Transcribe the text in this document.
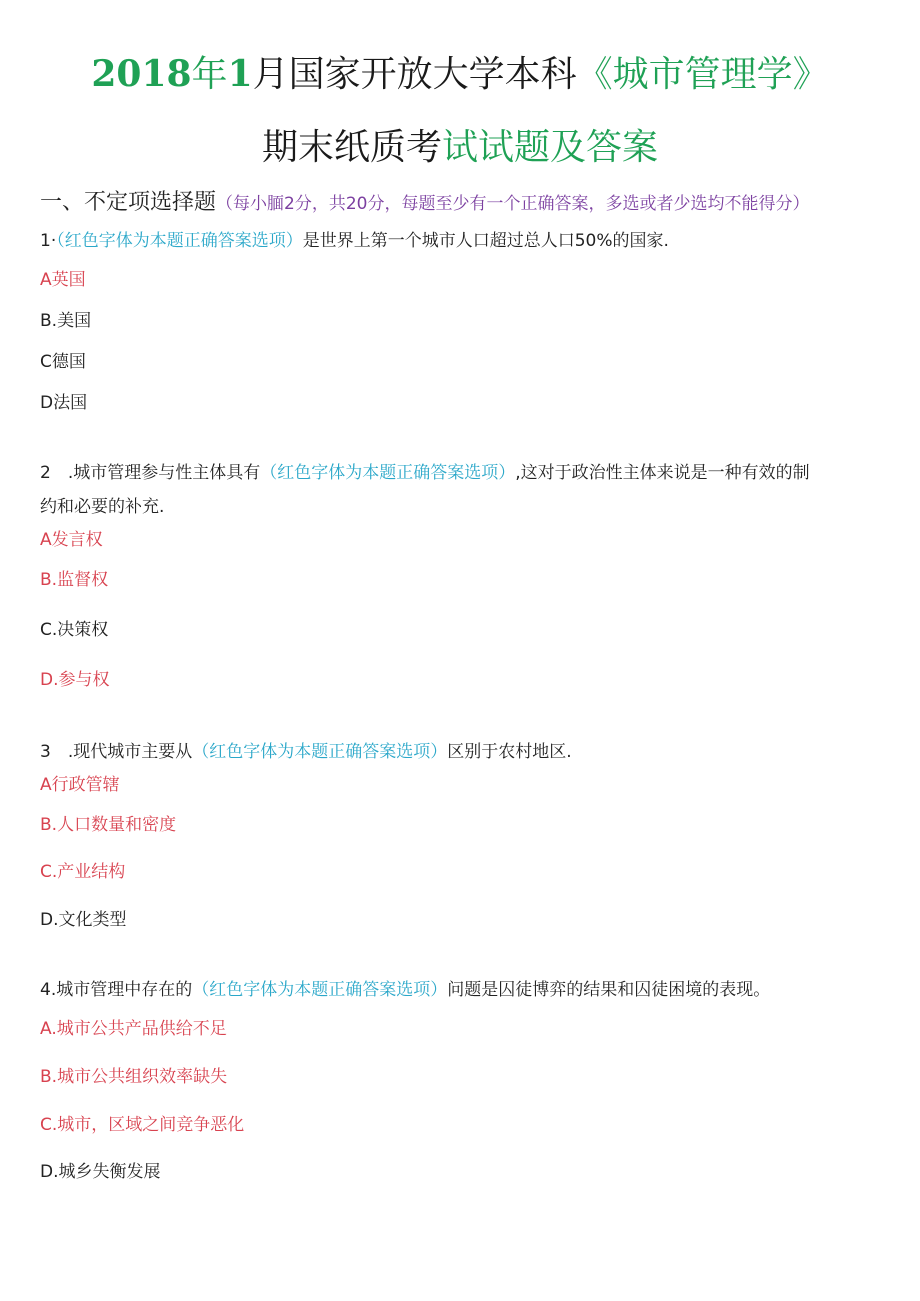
2018年1月国家开放大学本科《城市管理学》
期末纸质考试试题及答案
一、不定项选择题（每小腼2分，共20分，每题至少有一个正确答案，多选或者少选均不能得分）
1·（红色字体为本题正确答案选项）是世界上第一个城市人口超过总人口50%的国家.
A英国
B.美国
C德国
D法国
2　.城市管理参与性主体具有（红色字体为本题正确答案选项）,这对于政治性主体来说是一种有效的制
约和必要的补充.
A发言权
B.监督权
C.决策权
D.参与权
3　.现代城市主要从（红色字体为本题正确答案选项）区别于农村地区.
A行政管辖
B.人口数量和密度
C.产业结构
D.文化类型
4.城市管理中存在的（红色字体为本题正确答案选项）问题是囚徒博弈的结果和囚徒困境的表现。
A.城市公共产品供给不足
B.城市公共组织效率缺失
C.城市，区域之间竞争恶化
D.城乡失衡发展
